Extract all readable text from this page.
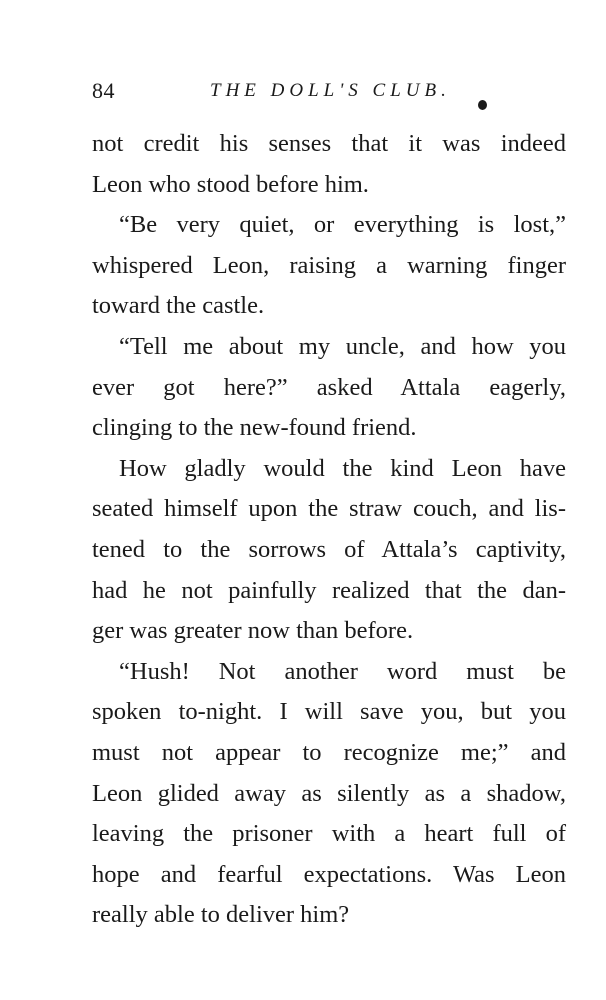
84	THE DOLL'S CLUB.
not credit his senses that it was indeed
Leon who stood before him.
“Be very quiet, or everything is lost,”
whispered Leon, raising a warning finger
toward the castle.
“Tell me about my uncle, and how you
ever got here?” asked Attala eagerly,
clinging to the new-found friend.
How gladly would the kind Leon have
seated himself upon the straw couch, and lis-
tened to the sorrows of Attala’s captivity,
had he not painfully realized that the dan-
ger was greater now than before.
“Hush! Not another word must be
spoken to-night. I will save you, but you
must not appear to recognize me;” and
Leon glided away as silently as a shadow,
leaving the prisoner with a heart full of
hope and fearful expectations. Was Leon
really able to deliver him?
